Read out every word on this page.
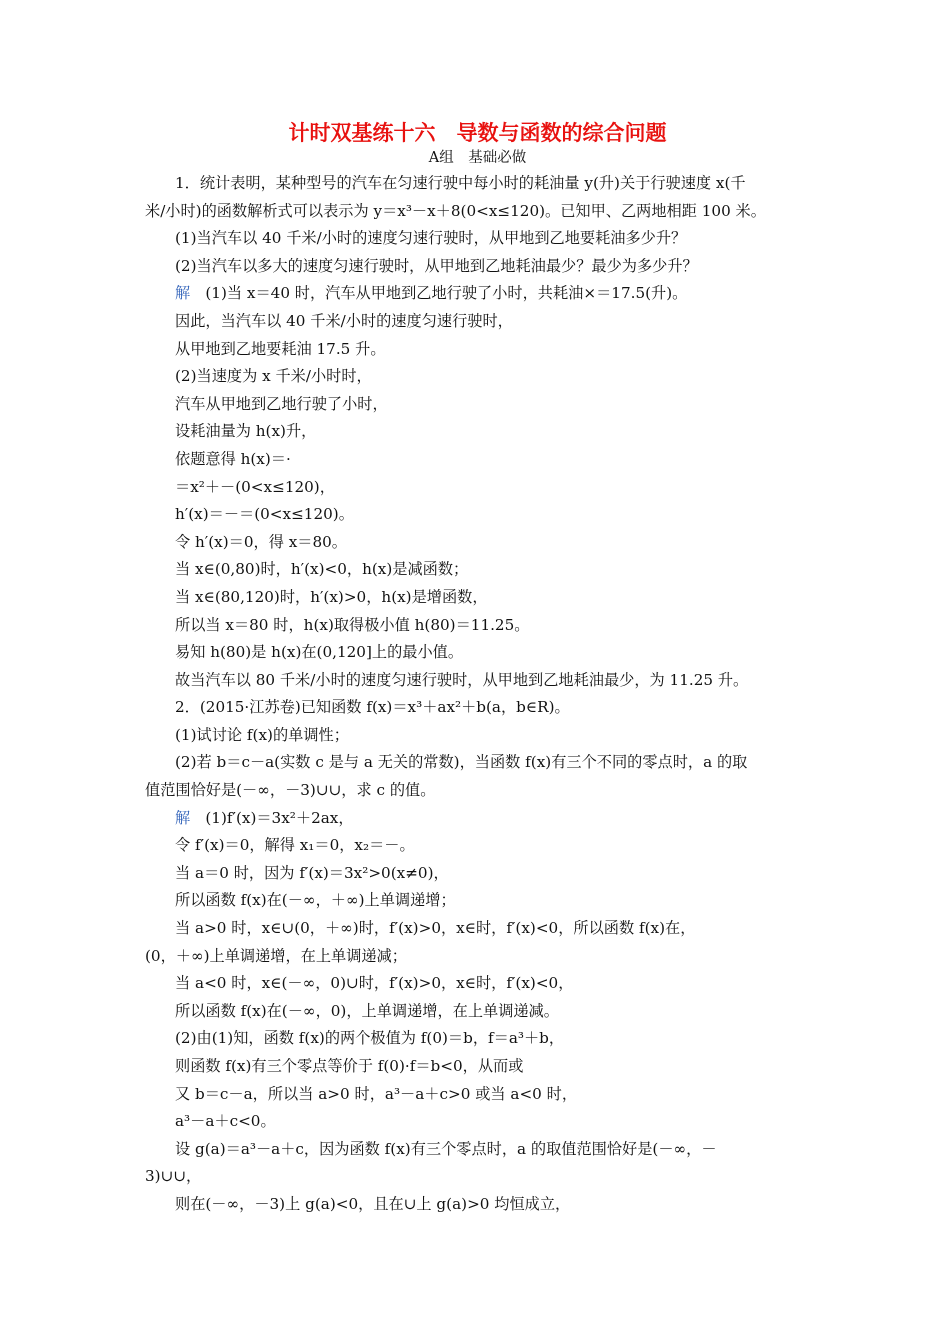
计时双基练十六　导数与函数的综合问题
A组　基础必做

1．统计表明，某种型号的汽车在匀速行驶中每小时的耗油量 y(升)关于行驶速度 x(千

米/小时)的函数解析式可以表示为 y＝x³－x＋8(0<x≤120)。已知甲、乙两地相距 100 米。

(1)当汽车以 40 千米/小时的速度匀速行驶时，从甲地到乙地要耗油多少升？

(2)当汽车以多大的速度匀速行驶时，从甲地到乙地耗油最少？最少为多少升？

解　(1)当 x＝40 时，汽车从甲地到乙地行驶了小时，共耗油×＝17.5(升)。

因此，当汽车以 40 千米/小时的速度匀速行驶时，

从甲地到乙地要耗油 17.5 升。

(2)当速度为 x 千米/小时时，

汽车从甲地到乙地行驶了小时，

设耗油量为 h(x)升，

依题意得 h(x)＝·

＝x²＋－(0<x≤120)，

h′(x)＝－＝(0<x≤120)。

令 h′(x)＝0，得 x＝80。

当 x∈(0,80)时，h′(x)<0，h(x)是减函数；

当 x∈(80,120)时，h′(x)>0，h(x)是增函数，

所以当 x＝80 时，h(x)取得极小值 h(80)＝11.25。

易知 h(80)是 h(x)在(0,120]上的最小值。

故当汽车以 80 千米/小时的速度匀速行驶时，从甲地到乙地耗油最少，为 11.25 升。

2．(2015·江苏卷)已知函数 f(x)＝x³＋ax²＋b(a，b∈R)。

(1)试讨论 f(x)的单调性；

(2)若 b＝c－a(实数 c 是与 a 无关的常数)，当函数 f(x)有三个不同的零点时，a 的取

值范围恰好是(－∞，－3)∪∪，求 c 的值。

解　(1)f′(x)＝3x²＋2ax，

令 f′(x)＝0，解得 x₁＝0，x₂＝－。

当 a＝0 时，因为 f′(x)＝3x²>0(x≠0)，

所以函数 f(x)在(－∞，＋∞)上单调递增；

当 a>0 时，x∈∪(0，＋∞)时，f′(x)>0，x∈时，f′(x)<0，所以函数 f(x)在，

(0，＋∞)上单调递增，在上单调递减；

当 a<0 时，x∈(－∞，0)∪时，f′(x)>0，x∈时，f′(x)<0，

所以函数 f(x)在(－∞，0)，上单调递增，在上单调递减。

(2)由(1)知，函数 f(x)的两个极值为 f(0)＝b，f＝a³＋b，

则函数 f(x)有三个零点等价于 f(0)·f＝b<0，从而或

又 b＝c－a，所以当 a>0 时，a³－a＋c>0 或当 a<0 时，

a³－a＋c<0。

设 g(a)＝a³－a＋c，因为函数 f(x)有三个零点时，a 的取值范围恰好是(－∞，－

3)∪∪，

则在(－∞，－3)上 g(a)<0，且在∪上 g(a)>0 均恒成立，
